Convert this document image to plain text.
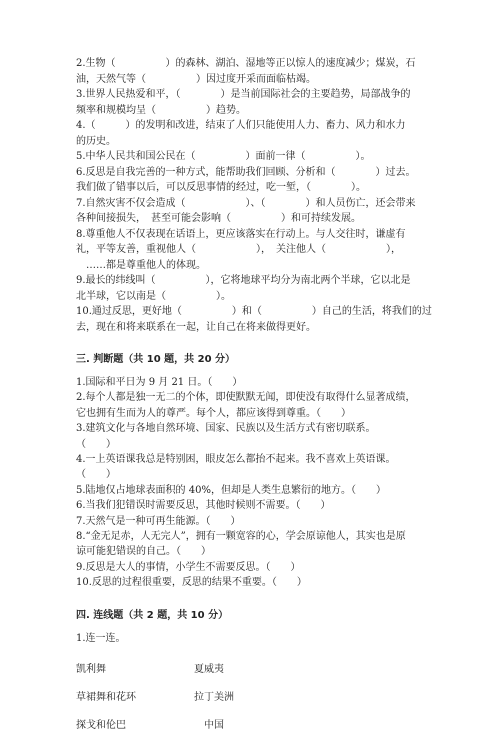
2.生物（　　　　　）的森林、湖泊、湿地等正以惊人的速度减少；煤炭，石
油，天然气等（　　　　　）因过度开采而面临枯竭。
3.世界人民热爱和平，（　　　　）是当前国际社会的主要趋势，局部战争的
频率和规模均呈（　　　　　）趋势。
4.（　　　）的发明和改进，结束了人们只能使用人力、畜力、风力和水力
的历史。
5.中华人民共和国公民在（　　　　　）面前一律（　　　　　）。
6.反思是自我完善的一种方式，能帮助我们回顾、分析和（　　　　）过去。
我们做了错事以后，可以反思事情的经过，吃一堑，（　　　　）。
7.自然灾害不仅会造成（　　　　　　）、（　　　　）和人员伤亡，还会带来
各种间接损失，　甚至可能会影响（　　　　　）和可持续发展。
8.尊重他人不仅表现在话语上，更应该落实在行动上。与人交往时，谦虚有
礼，平等友善，重视他人（　　　　　　），　关注他人（　　　　　　），
　……都是尊重他人的体现。
9.最长的纬线叫（　　　　　），它将地球平均分为南北两个半球，它以北是
北半球，它以南是（　　　　　）。
10.通过反思，更好地（　　　　　）和（　　　　　）自己的生活，将我们的过
去，现在和将来联系在一起，让自己在将来做得更好。
三. 判断题（共 10 题，共 20 分）
1.国际和平日为 9 月 21 日。（　　）
2.每个人都是独一无二的个体，即使默默无闻，即使没有取得什么显著成绩，
它也拥有生而为人的尊严。每个人，都应该得到尊重。（　　）
3.建筑文化与各地自然环境、国家、民族以及生活方式有密切联系。
（　　）
4.一上英语课我总是特别困，眼皮怎么都抬不起来。我不喜欢上英语课。
（　　）
5.陆地仅占地球表面积的 40%，但却是人类生息繁衍的地方。（　　）
6.当我们犯错误时需要反思，其他时候则不需要。（　　）
7.天然气是一种可再生能源。（　　）
8.“金无足赤，人无完人”，拥有一颗宽容的心，学会原谅他人，其实也是原
谅可能犯错误的自己。（　　）
9.反思是大人的事情，小学生不需要反思。（　　）
10.反思的过程很重要，反思的结果不重要。（　　）
四. 连线题（共 2 题，共 10 分）
1.连一连。
凯利舞	夏威夷
草裙舞和花环	拉丁美洲
探戈和伦巴	　中国
